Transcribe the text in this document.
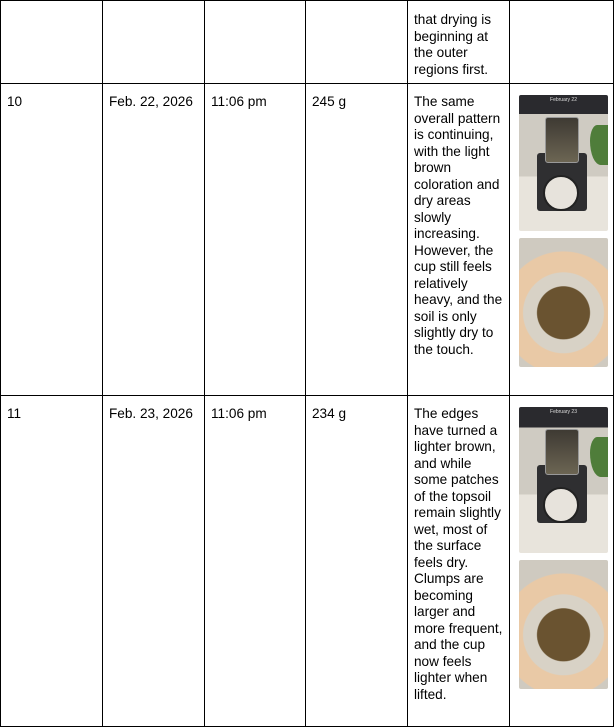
				that drying is beginning at the outer regions first.	
10	Feb. 22, 2026	11:06 pm	245 g	The same overall pattern is continuing, with the light brown coloration and dry areas slowly increasing. However, the cup still feels relatively heavy, and the soil is only slightly dry to the touch.	February 22

11	Feb. 23, 2026	11:06 pm	234 g	The edges have turned a lighter brown, and while some patches of the topsoil remain slightly wet, most of the surface feels dry. Clumps are becoming larger and more frequent, and the cup now feels lighter when lifted.	February 23
